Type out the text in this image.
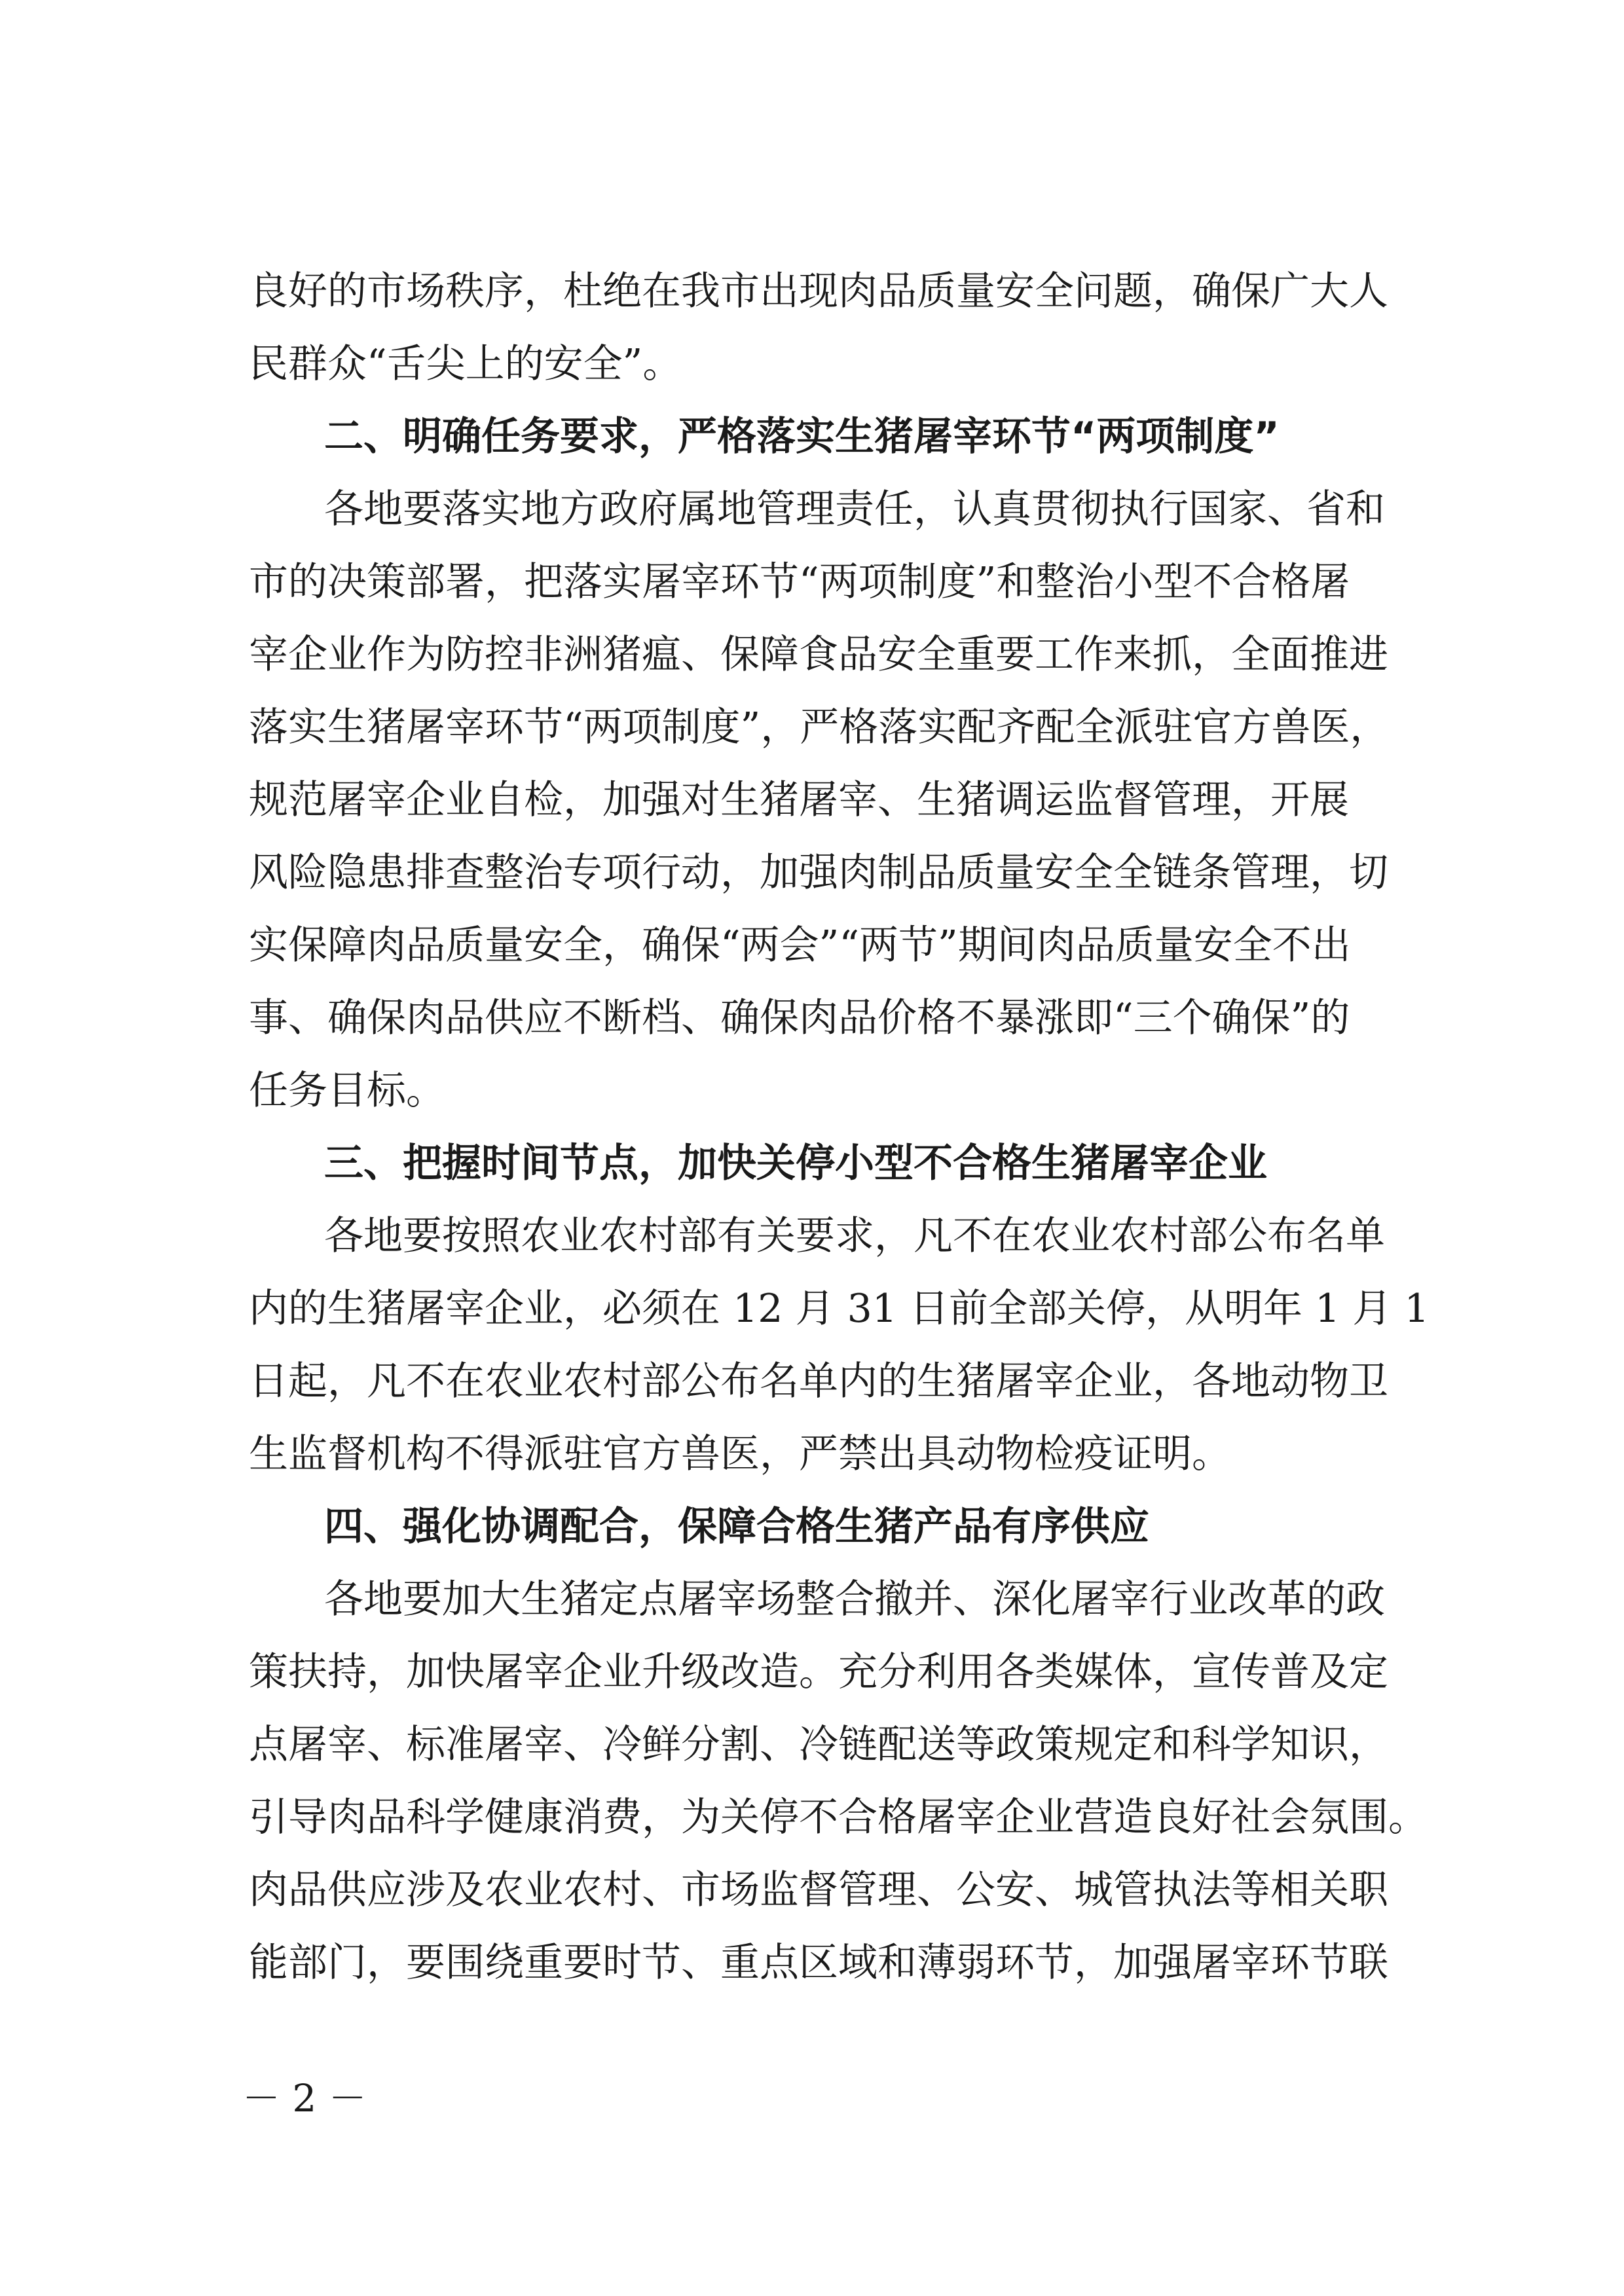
良好的市场秩序，杜绝在我市出现肉品质量安全问题，确保广大人
民群众“舌尖上的安全”。
二、明确任务要求，严格落实生猪屠宰环节“两项制度”
各地要落实地方政府属地管理责任，认真贯彻执行国家、省和
市的决策部署，把落实屠宰环节“两项制度”和整治小型不合格屠
宰企业作为防控非洲猪瘟、保障食品安全重要工作来抓，全面推进
落实生猪屠宰环节“两项制度”，严格落实配齐配全派驻官方兽医，
规范屠宰企业自检，加强对生猪屠宰、生猪调运监督管理，开展
风险隐患排查整治专项行动，加强肉制品质量安全全链条管理，切
实保障肉品质量安全，确保“两会”“两节”期间肉品质量安全不出
事、确保肉品供应不断档、确保肉品价格不暴涨即“三个确保”的
任务目标。
三、把握时间节点，加快关停小型不合格生猪屠宰企业
各地要按照农业农村部有关要求，凡不在农业农村部公布名单
内的生猪屠宰企业，必须在 12 月 31 日前全部关停，从明年 1 月 1
日起，凡不在农业农村部公布名单内的生猪屠宰企业，各地动物卫
生监督机构不得派驻官方兽医，严禁出具动物检疫证明。
四、强化协调配合，保障合格生猪产品有序供应
各地要加大生猪定点屠宰场整合撤并、深化屠宰行业改革的政
策扶持，加快屠宰企业升级改造。充分利用各类媒体，宣传普及定
点屠宰、标准屠宰、冷鲜分割、冷链配送等政策规定和科学知识，
引导肉品科学健康消费，为关停不合格屠宰企业营造良好社会氛围。
肉品供应涉及农业农村、市场监督管理、公安、城管执法等相关职
能部门，要围绕重要时节、重点区域和薄弱环节，加强屠宰环节联
－ 2 －
